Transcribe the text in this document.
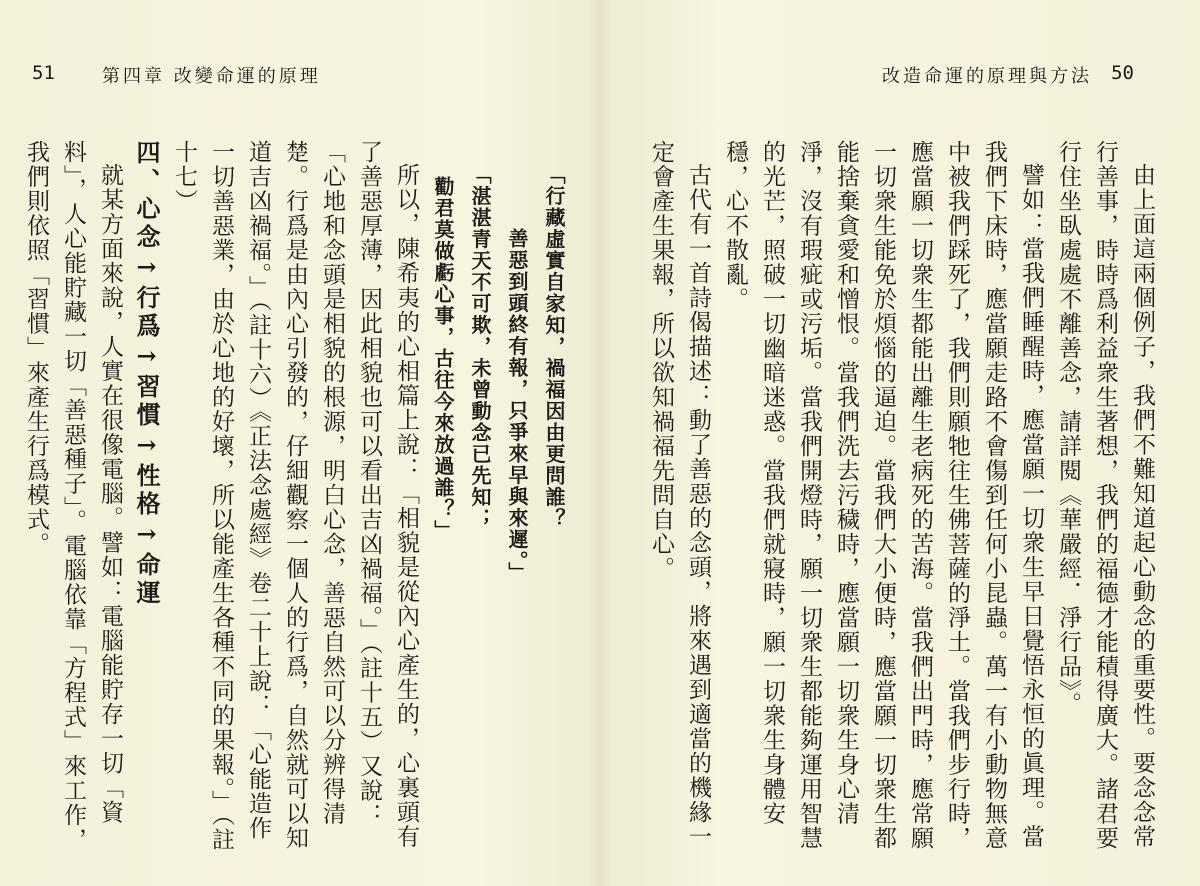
51	第四章 改變命運的原理

「行藏虛實自家知，禍福因由更問誰？

善惡到頭終有報，只爭來早與來遲。」

「湛湛青天不可欺，未曾動念已先知；

勸君莫做虧心事，古往今來放過誰？」

所以，陳希夷的心相篇上說：「相貌是從內心產生的，心裏頭有了善惡厚薄，因此相貌也可以看出吉凶禍福。」（註十五）又說：「心地和念頭是相貌的根源，明白心念，善惡自然可以分辨得清楚。行爲是由內心引發的，仔細觀察一個人的行爲，自然就可以知道吉凶禍福。」（註十六）《正法念處經》卷二十上說：「心能造作一切善惡業，由於心地的好壞，所以能產生各種不同的果報。」（註十七）

四、心念→行爲→習慣→性格→命運

就某方面來說，人實在很像電腦。譬如：電腦能貯存一切「資料」，人心能貯藏一切「善惡種子」。電腦依靠「方程式」來工作，我們則依照「習慣」來產生行爲模式。

改造命運的原理與方法 50

由上面這兩個例子，我們不難知道起心動念的重要性。要念念常行善事，時時爲利益衆生著想，我們的福德才能積得廣大。諸君要行住坐臥處處不離善念，請詳閱《華嚴經．淨行品》。

譬如：當我們睡醒時，應當願一切衆生早日覺悟永恒的眞理。當我們下床時，應當願走路不會傷到任何小昆蟲。萬一有小動物無意中被我們踩死了，我們則願牠往生佛菩薩的淨土。當我們步行時，應當願一切衆生都能出離生老病死的苦海。當我們出門時，應常願一切衆生能免於煩惱的逼迫。當我們大小便時，應當願一切衆生都能捨棄貪愛和憎恨。當我們洗去污穢時，應當願一切衆生身心清淨，沒有瑕疵或污垢。當我們開燈時，願一切衆生都能夠運用智慧的光芒，照破一切幽暗迷惑。當我們就寢時，願一切衆生身體安穩，心不散亂。

古代有一首詩偈描述：動了善惡的念頭，將來遇到適當的機緣一定會產生果報，所以欲知禍福先問自心。
